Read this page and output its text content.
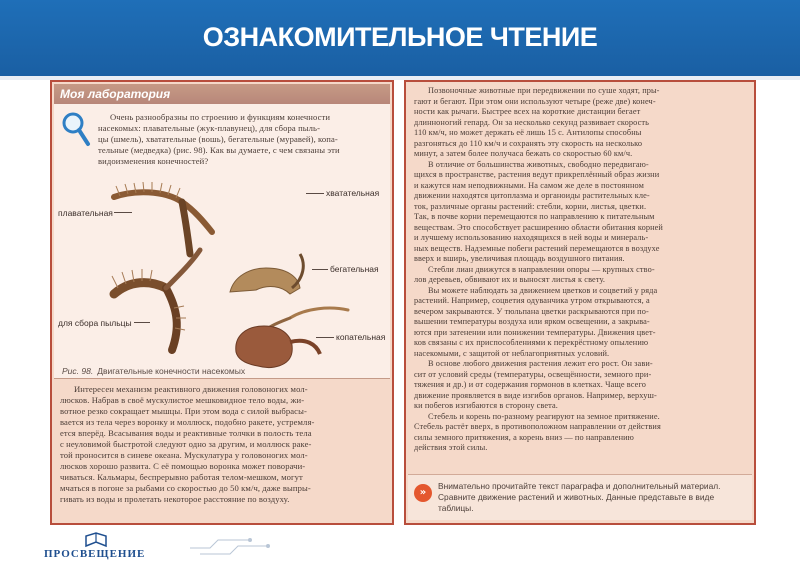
ОЗНАКОМИТЕЛЬНОЕ ЧТЕНИЕ
Моя лаборатория
Очень разнообразны по строению и функциям конечности
насекомых: плавательные (жук-плавунец), для сбора пыль-
цы (шмель), хватательные (вошь), бегательные (муравей), копа-
тельные (медведка) (рис. 98). Как вы думаете, с чем связаны эти
видоизменения конечностей?
плавательная
хватательная
бегательная
для сбора пыльцы
копательная
Рис. 98. Двигательные конечности насекомых
Интересен механизм реактивного движения головоногих мол-
люсков. Набрав в своё мускулистое мешковидное тело воды, жи-
вотное резко сокращает мышцы. При этом вода с силой выбрасы-
вается из тела через воронку и моллюск, подобно ракете, устремля-
ется вперёд. Всасывания воды и реактивные толчки в полость тела
с неуловимой быстротой следуют одно за другим, и моллюск раке-
той проносится в синеве океана. Мускулатура у головоногих мол-
люсков хорошо развита. С её помощью воронка может поворачи-
чиваться. Кальмары, беспрерывно работая телом-мешком, могут
мчаться в погоне за рыбами со скоростью до 50 км/ч, даже выпры-
гивать из воды и пролетать некоторое расстояние по воздуху.
Позвоночные животные при передвижении по суше ходят, пры-
гают и бегают. При этом они используют четыре (реже две) конеч-
ности как рычаги. Быстрее всех на короткие дистанции бегает
длинноногий гепард. Он за несколько секунд развивает скорость
110 км/ч, но может держать её лишь 15 с. Антилопы способны
разгоняться до 110 км/ч и сохранять эту скорость на несколько
минут, а затем более получаса бежать со скоростью 60 км/ч.
В отличие от большинства животных, свободно передвигаю-
щихся в пространстве, растения ведут прикреплённый образ жизни
и кажутся нам неподвижными. На самом же деле в постоянном
движении находятся цитоплазма и органоиды растительных кле-
ток, различные органы растений: стебли, корни, листья, цветки.
Так, в почве корни перемещаются по направлению к питательным
веществам. Это способствует расширению области обитания корней
и лучшему использованию находящихся в ней воды и минераль-
ных веществ. Надземные побеги растений перемещаются в воздухе
вверх и вширь, увеличивая площадь воздушного питания.
Стебли лиан движутся в направлении опоры — крупных ство-
лов деревьев, обвивают их и выносят листья к свету.
Вы можете наблюдать за движением цветков и соцветий у ряда
растений. Например, соцветия одуванчика утром открываются, а
вечером закрываются. У тюльпана цветки раскрываются при по-
вышении температуры воздуха или ярком освещении, а закрыва-
ются при затенении или понижении температуры. Движения цвет-
ков связаны с их приспособлениями к перекрёстному опылению
насекомыми, с защитой от неблагоприятных условий.
В основе любого движения растения лежит его рост. Он зави-
сит от условий среды (температуры, освещённости, земного при-
тяжения и др.) и от содержания гормонов в клетках. Чаще всего
движение проявляется в виде изгибов органов. Например, верхуш-
ки побегов изгибаются в сторону света.
Стебель и корень по-разному реагируют на земное притяжение.
Стебель растёт вверх, в противоположном направлении от действия
силы земного притяжения, а корень вниз — по направлению
действия этой силы.
»
Внимательно прочитайте текст параграфа и дополнительный материал.
Сравните движение растений и животных. Данные представьте в виде
таблицы.
ПРОСВЕЩЕНИЕ
